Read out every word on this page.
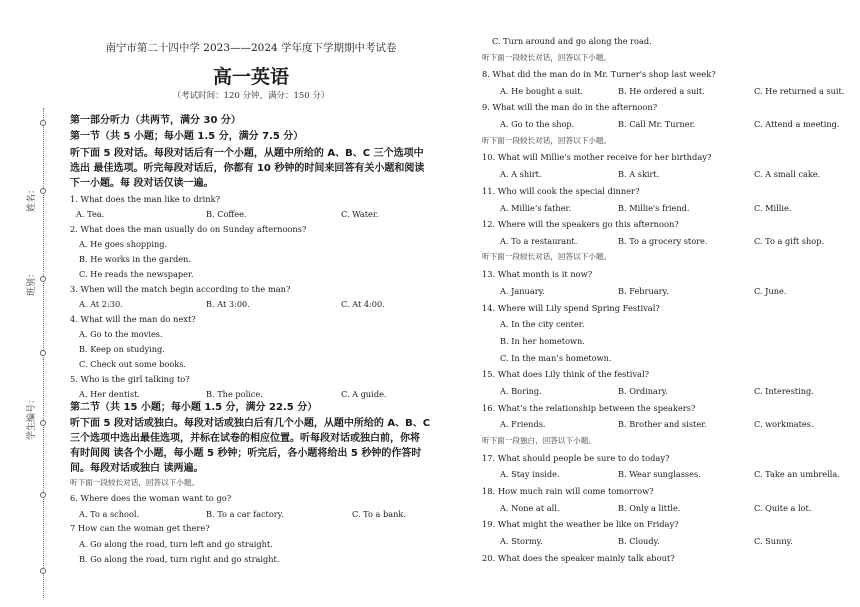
姓名：
班别：
学生编号：
南宁市第二十四中学 2023——2024 学年度下学期期中考试卷
高一英语
（考试时间：120 分钟，满分：150 分）
第一部分听力（共两节，满分 30 分）
第一节（共 5 小题；每小题 1.5 分，满分 7.5 分）
听下面 5 段对话。每段对话后有一个小题，从题中所给的 A、B、C 三个选项中
选出 最佳选项。听完每段对话后，你都有 10 秒钟的时间来回答有关小题和阅读
下一小题。每 段对话仅读一遍。
1. What does the man like to drink?
A. Tea.	B. Coffee.	C. Water.
2. What does the man usually do on Sunday afternoons?
A. He goes shopping.
B. He works in the garden.
C. He reads the newspaper.
3. When will the match begin according to the man?
A. At 2:30.	B. At 3:00.	C. At 4:00.
4. What will the man do next?
A. Go to the movies.
B. Keep on studying.
C. Check out some books.
5. Who is the girl talking to?
A. Her dentist.	B. The police.	C. A guide.
第二节（共 15 小题；每小题 1.5 分，满分 22.5 分）
听下面 5 段对话或独白。每段对话或独白后有几个小题，从题中所给的 A、B、C
三个选项中选出最佳选项，并标在试卷的相应位置。听每段对话或独白前，你将
有时间阅 读各个小题，每小题 5 秒钟；听完后，各小题将给出 5 秒钟的作答时
间。每段对话或独白 读两遍。
听下面一段较长对话，回答以下小题。
6. Where does the woman want to go?
A. To a school.	B. To a car factory.	C. To a bank.
7 How can the woman get there?
A. Go along the road, turn left and go straight.
B. Go along the road, turn right and go straight.
C. Turn around and go along the road.
听下面一段较长对话，回答以下小题。
8. What did the man do in Mr. Turner's shop last week?
A. He bought a suit.	B. He ordered a suit.	C. He returned a suit.
9. What will the man do in the afternoon?
A. Go to the shop.	B. Call Mr. Turner.	C. Attend a meeting.
听下面一段较长对话，回答以下小题。
10. What will Millie's mother receive for her birthday?
A. A shirt.	B. A skirt.	C. A small cake.
11. Who will cook the special dinner?
A. Millie’s father.	B. Millie's friend.	C. Millie.
12. Where will the speakers go this afternoon?
A. To a restaurant.	B. To a grocery store.	C. To a gift shop.
听下面一段较长对话，回答以下小题。
13. What month is it now?
A. January.	B. February.	C. June.
14. Where will Lily spend Spring Festival?
A. In the city center.
B. In her hometown.
C. In the man’s hometown.
15. What does Lily think of the festival?
A. Boring.	B. Ordinary.	C. Interesting.
16. What’s the relationship between the speakers?
A. Friends.	B. Brother and sister.	C. workmates.
听下面一段独白，回答以下小题。
17. What should people be sure to do today?
A. Stay inside.	B. Wear sunglasses.	C. Take an umbrella.
18. How much rain will come tomorrow?
A. None at all.	B. Only a little.	C. Quite a lot.
19. What might the weather be like on Friday?
A. Stormy.	B. Cloudy.	C. Sunny.
20. What does the speaker mainly talk about?
